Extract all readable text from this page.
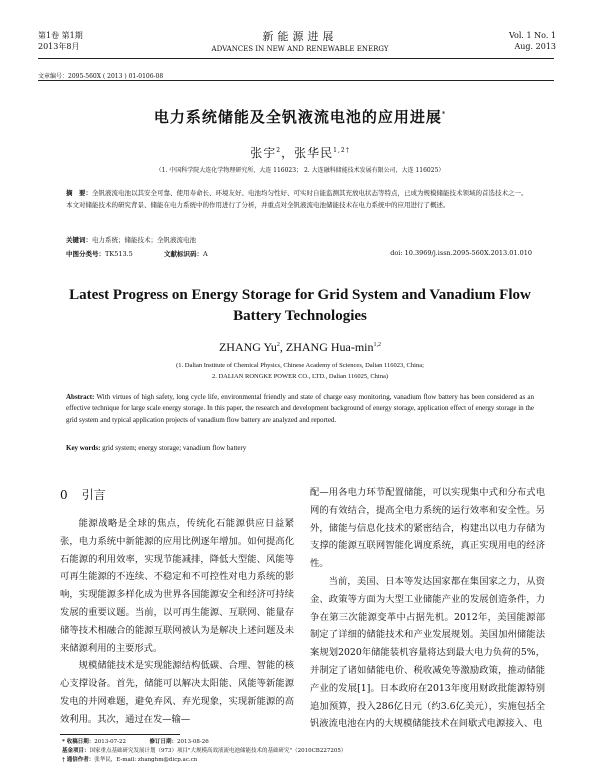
第1卷 第1期
2013年8月
新能源进展
ADVANCES IN NEW AND RENEWABLE ENERGY
Vol. 1 No. 1
Aug. 2013
文章编号：2095-560X ( 2013 ) 01-0106-08
电力系统储能及全钒液流电池的应用进展*
张宇$^2$，张华民$^{1,2\dagger}$
（1. 中国科学院大连化学物理研究所，大连 116023； 2. 大连融科储能技术发展有限公司，大连 116025）
摘　要：全钒液流电池以其安全可靠、使用寿命长、环境友好、电池均匀性好、可实时自能监测其充放电状态等特点，已成为规模储能技术领域的首选技术之一。本文对储能技术的研究背景、储能在电力系统中的作用进行了分析，并重点对全钒液流电池储能技术在电力系统中的应用进行了概述。
关键词：电力系统；储能技术；全钒液流电池
中图分类号：TK513.5	文献标识码：A	doi: 10.3969/j.issn.2095-560X.2013.01.010
Latest Progress on Energy Storage for Grid System and Vanadium Flow Battery Technologies
ZHANG Yu$^2$, ZHANG Hua-$\min^{1,2}$
(1. Dalian Institute of Chemical Physics, Chinese Academy of Sciences, Dalian 116023, China;
2. DALIAN RONGKE POWER CO., LTD., Dalian 116025, China)
Abstract: With virtues of high safety, long cycle life, environmental friendly and state of charge easy monitoring, vanadium flow battery has been considered as an effective technique for large scale energy storage. In this paper, the research and development background of energy storage, application effect of energy storage in the grid system and typical application projects of vanadium flow battery are analyzed and reported.
Key words: grid system; energy storage; vanadium flow battery
0 引言

能源战略是全球的焦点，传统化石能源供应日益紧张，电力系统中新能源的应用比例逐年增加。如何提高化石能源的利用效率，实现节能减排，降低大型能、风能等可再生能源的不连续、不稳定和不可控性对电力系统的影响，实现能源多样化成为世界各国能源安全和经济可持续发展的重要议题。当前，以可再生能源、互联网、能量存储等技术相融合的能源互联网被认为是解决上述问题及未来储源利用的主要形式。

规模储能技术是实现能源结构低碳、合理、智能的核心支撑设备。首先，储能可以解决太阳能、风能等新能源发电的并网难题，避免弃风、弃光现象，实现新能源的高效利用。其次，通过在发—输—

配—用各电力环节配置储能，可以实现集中式和分布式电网的有效结合，提高全电力系统的运行效率和安全性。另外，储能与信息化技术的紧密结合，构建出以电力存储为支撑的能源互联网智能化调度系统，真正实现用电的经济性。

当前，美国、日本等发达国家都在集国家之力，从资金、政策等方面为大型工业储能产业的发展创造条件，力争在第三次能源变革中占据先机。2012年，美国能源部制定了详细的储能技术和产业发展规划。美国加州储能法案规划2020年储能装机容量将达到最大电力负荷的5%，并制定了诸如储能电价、税收减免等激励政策，推动储能产业的发展[1]。日本政府在2013年度用财政批能源特别追加预算，投入286亿日元（约3.6亿美元），实施包括全钒液流电池在内的大规模储能技术在间歇式电源接入、电

* 收稿日期：2013-07-22	修订日期：2013-08-26
基金项目：国家重点基础研究发展计划（973）项目"大规模高效液流电池储能技术的基础研究"（2010CB227205）
† 通信作者：张华民，E-mail: zhanghm@dicp.ac.cn
